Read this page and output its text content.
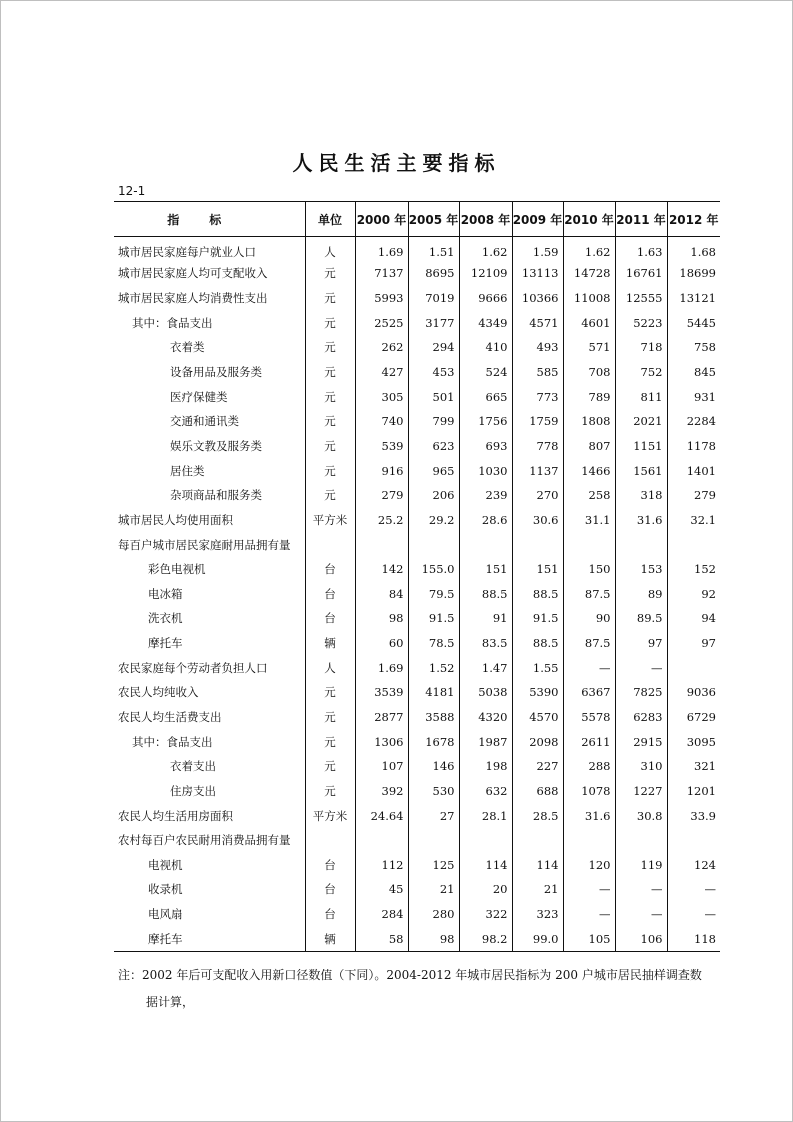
人民生活主要指标
12-1
指标	单位	2000 年	2005 年	2008 年	2009 年	2010 年	2011 年	2012 年
城市居民家庭每户就业人口	人	1.69	1.51	1.62	1.59	1.62	1.63	1.68
城市居民家庭人均可支配收入	元	7137	8695	12109	13113	14728	16761	18699
城市居民家庭人均消费性支出	元	5993	7019	9666	10366	11008	12555	13121
其中：食品支出	元	2525	3177	4349	4571	4601	5223	5445
衣着类	元	262	294	410	493	571	718	758
设备用品及服务类	元	427	453	524	585	708	752	845
医疗保健类	元	305	501	665	773	789	811	931
交通和通讯类	元	740	799	1756	1759	1808	2021	2284
娱乐文教及服务类	元	539	623	693	778	807	1151	1178
居住类	元	916	965	1030	1137	1466	1561	1401
杂项商品和服务类	元	279	206	239	270	258	318	279
城市居民人均使用面积	平方米	25.2	29.2	28.6	30.6	31.1	31.6	32.1
每百户城市居民家庭耐用品拥有量								
彩色电视机	台	142	155.0	151	151	150	153	152
电冰箱	台	84	79.5	88.5	88.5	87.5	89	92
洗衣机	台	98	91.5	91	91.5	90	89.5	94
摩托车	辆	60	78.5	83.5	88.5	87.5	97	97
农民家庭每个劳动者负担人口	人	1.69	1.52	1.47	1.55	—	—	
农民人均纯收入	元	3539	4181	5038	5390	6367	7825	9036
农民人均生活费支出	元	2877	3588	4320	4570	5578	6283	6729
其中：食品支出	元	1306	1678	1987	2098	2611	2915	3095
衣着支出	元	107	146	198	227	288	310	321
住房支出	元	392	530	632	688	1078	1227	1201
农民人均生活用房面积	平方米	24.64	27	28.1	28.5	31.6	30.8	33.9
农村每百户农民耐用消费品拥有量								
电视机	台	112	125	114	114	120	119	124
收录机	台	45	21	20	21	—	—	—
电风扇	台	284	280	322	323	—	—	—
摩托车	辆	58	98	98.2	99.0	105	106	118
注：2002 年后可支配收入用新口径数值（下同）。2004-2012 年城市居民指标为 200 户城市居民抽样调查数
据计算，
